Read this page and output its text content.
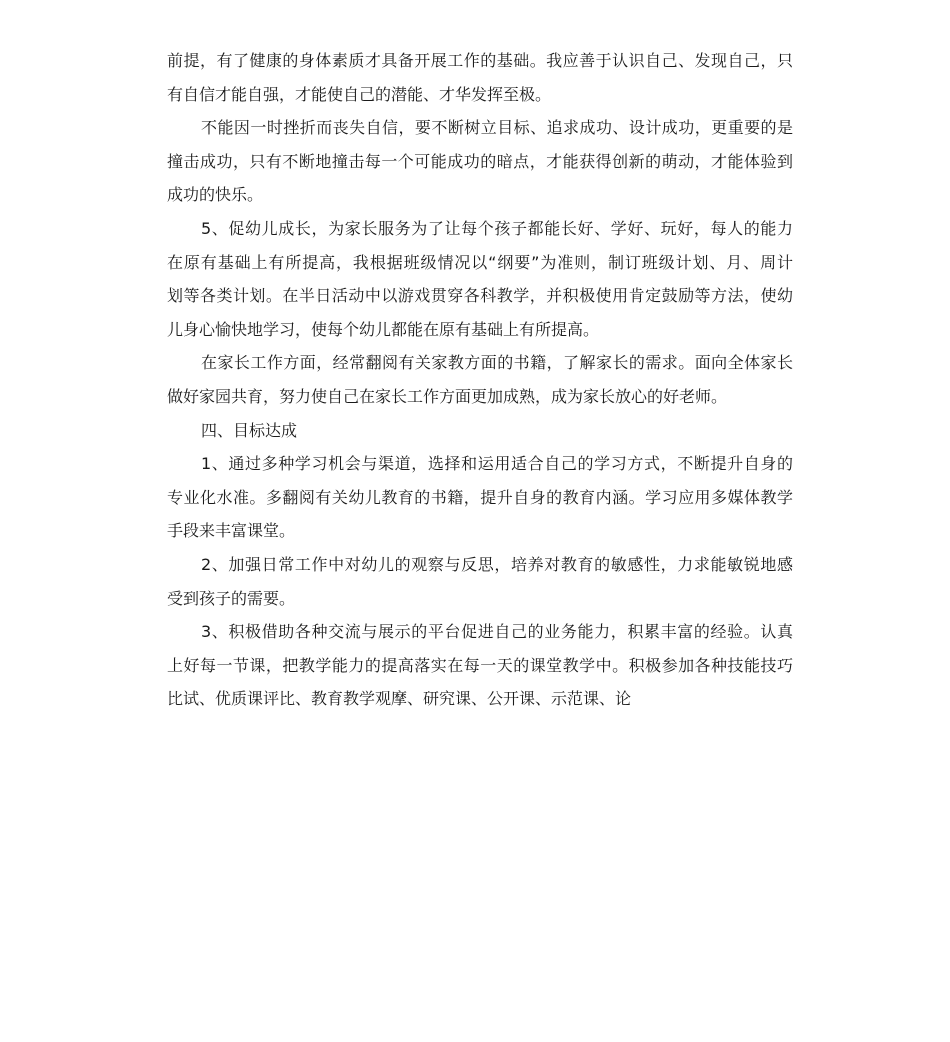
前提，有了健康的身体素质才具备开展工作的基础。我应善于认识自己、发现自己，只
有自信才能自强，才能使自己的潜能、才华发挥至极。
不能因一时挫折而丧失自信，要不断树立目标、追求成功、设计成功，更重要的是
撞击成功，只有不断地撞击每一个可能成功的暗点，才能获得创新的萌动，才能体验到
成功的快乐。
5、促幼儿成长，为家长服务为了让每个孩子都能长好、学好、玩好，每人的能力
在原有基础上有所提高，我根据班级情况以“纲要”为准则，制订班级计划、月、周计
划等各类计划。在半日活动中以游戏贯穿各科教学，并积极使用肯定鼓励等方法，使幼
儿身心愉快地学习，使每个幼儿都能在原有基础上有所提高。
在家长工作方面，经常翻阅有关家教方面的书籍，了解家长的需求。面向全体家长
做好家园共育，努力使自己在家长工作方面更加成熟，成为家长放心的好老师。
四、目标达成
1、通过多种学习机会与渠道，选择和运用适合自己的学习方式，不断提升自身的
专业化水准。多翻阅有关幼儿教育的书籍，提升自身的教育内涵。学习应用多媒体教学
手段来丰富课堂。
2、加强日常工作中对幼儿的观察与反思，培养对教育的敏感性，力求能敏锐地感
受到孩子的需要。
3、积极借助各种交流与展示的平台促进自己的业务能力，积累丰富的经验。认真
上好每一节课，把教学能力的提高落实在每一天的课堂教学中。积极参加各种技能技巧
比试、优质课评比、教育教学观摩、研究课、公开课、示范课、论
